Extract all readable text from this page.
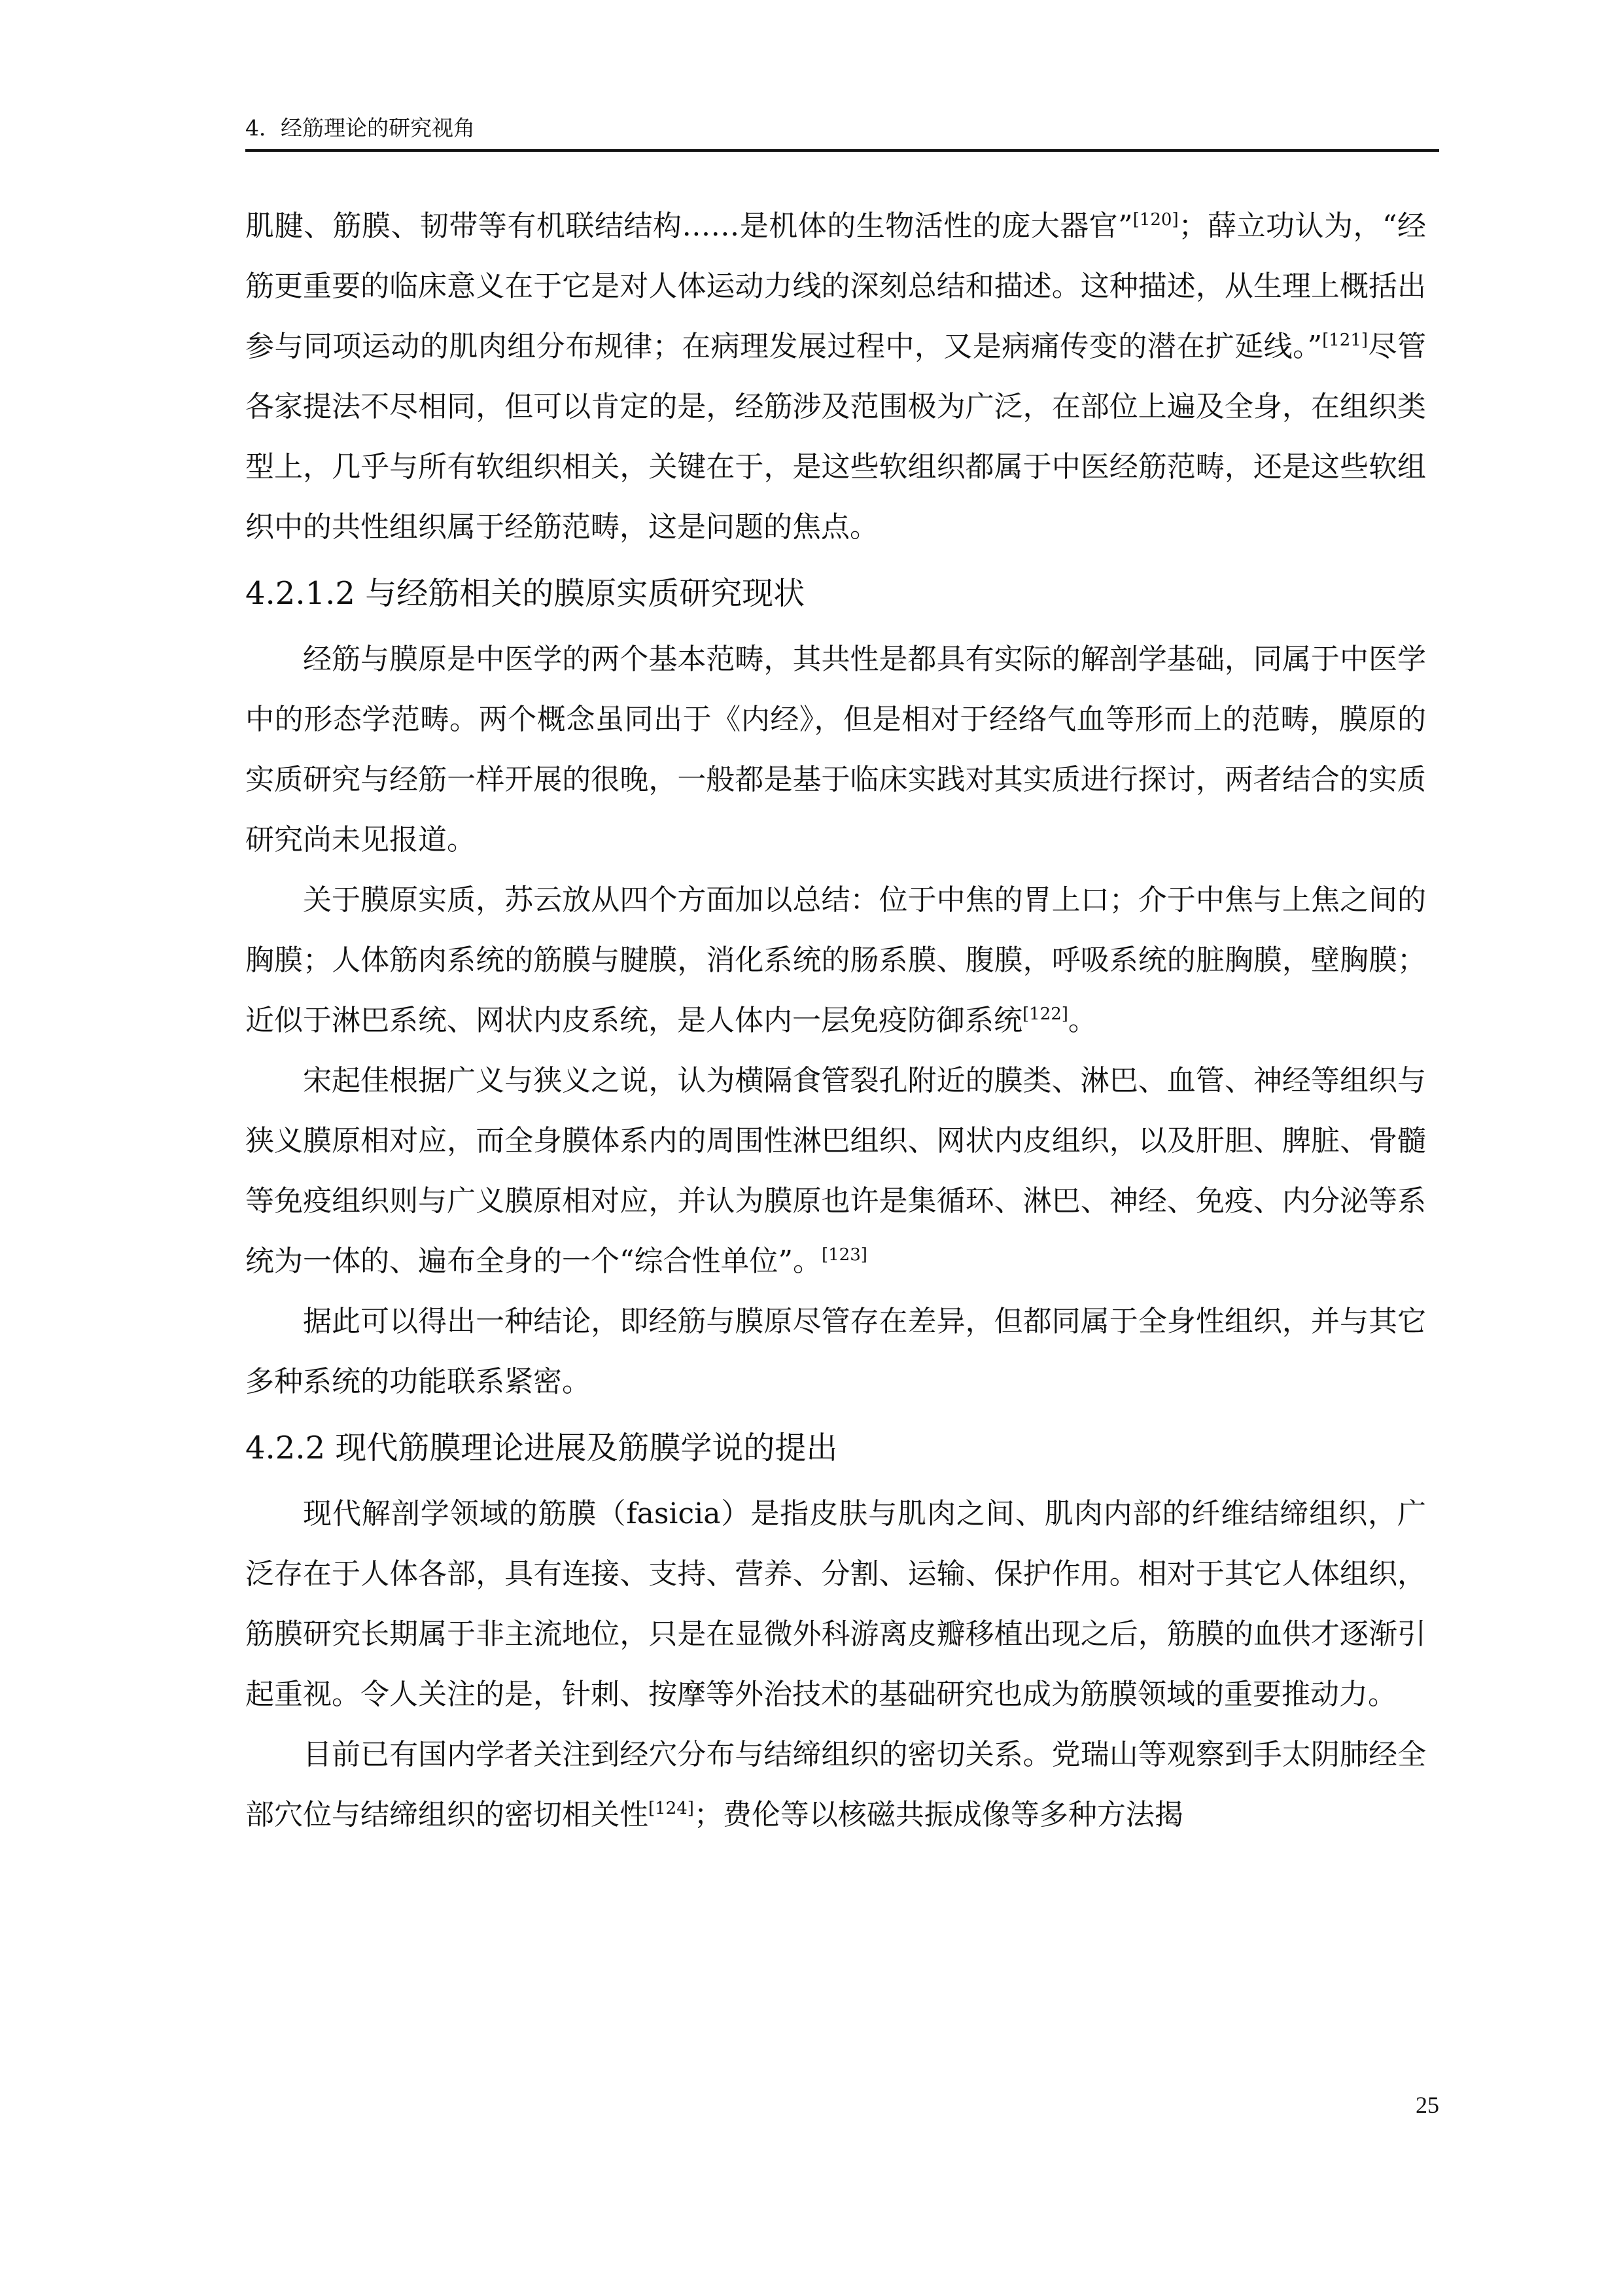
4．经筋理论的研究视角

肌腱、筋膜、韧带等有机联结结构……是机体的生物活性的庞大器官”[120]；薛立功认为，“经筋更重要的临床意义在于它是对人体运动力线的深刻总结和描述。这种描述，从生理上概括出参与同项运动的肌肉组分布规律；在病理发展过程中，又是病痛传变的潜在扩延线。”[121]尽管各家提法不尽相同，但可以肯定的是，经筋涉及范围极为广泛，在部位上遍及全身，在组织类型上，几乎与所有软组织相关，关键在于，是这些软组织都属于中医经筋范畴，还是这些软组织中的共性组织属于经筋范畴，这是问题的焦点。

4.2.1.2 与经筋相关的膜原实质研究现状

经筋与膜原是中医学的两个基本范畴，其共性是都具有实际的解剖学基础，同属于中医学中的形态学范畴。两个概念虽同出于《内经》，但是相对于经络气血等形而上的范畴，膜原的实质研究与经筋一样开展的很晚，一般都是基于临床实践对其实质进行探讨，两者结合的实质研究尚未见报道。

关于膜原实质，苏云放从四个方面加以总结：位于中焦的胃上口；介于中焦与上焦之间的胸膜；人体筋肉系统的筋膜与腱膜，消化系统的肠系膜、腹膜，呼吸系统的脏胸膜，壁胸膜；近似于淋巴系统、网状内皮系统，是人体内一层免疫防御系统[122]。

宋起佳根据广义与狭义之说，认为横隔食管裂孔附近的膜类、淋巴、血管、神经等组织与狭义膜原相对应，而全身膜体系内的周围性淋巴组织、网状内皮组织，以及肝胆、脾脏、骨髓等免疫组织则与广义膜原相对应，并认为膜原也许是集循环、淋巴、神经、免疫、内分泌等系统为一体的、遍布全身的一个“综合性单位”。[123]

据此可以得出一种结论，即经筋与膜原尽管存在差异，但都同属于全身性组织，并与其它多种系统的功能联系紧密。

4.2.2 现代筋膜理论进展及筋膜学说的提出

现代解剖学领域的筋膜（fasicia）是指皮肤与肌肉之间、肌肉内部的纤维结缔组织，广泛存在于人体各部，具有连接、支持、营养、分割、运输、保护作用。相对于其它人体组织，筋膜研究长期属于非主流地位，只是在显微外科游离皮瓣移植出现之后，筋膜的血供才逐渐引起重视。令人关注的是，针刺、按摩等外治技术的基础研究也成为筋膜领域的重要推动力。

目前已有国内学者关注到经穴分布与结缔组织的密切关系。党瑞山等观察到手太阴肺经全部穴位与结缔组织的密切相关性[124]；费伦等以核磁共振成像等多种方法揭

25
